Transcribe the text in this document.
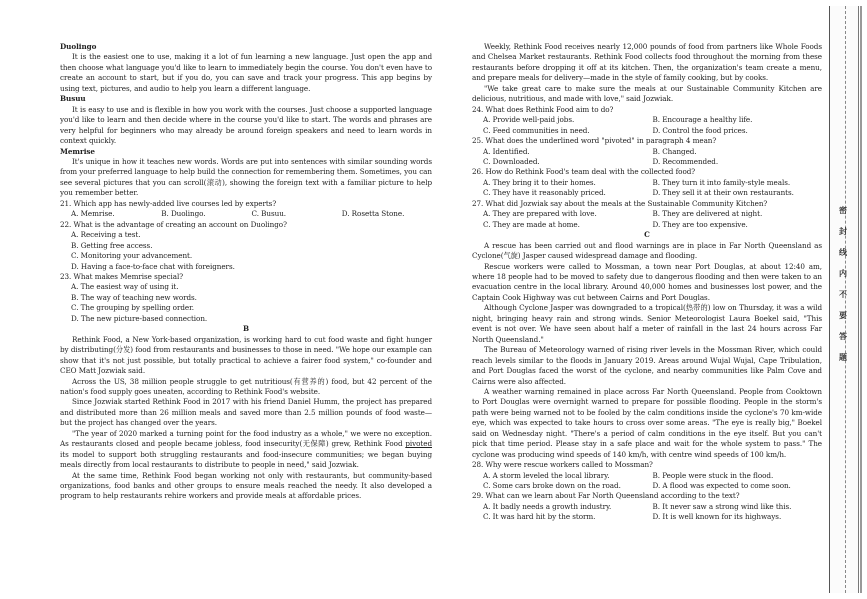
Duolingo

It is the easiest one to use, making it a lot of fun learning a new language. Just open the app and then choose what language you'd like to learn to immediately begin the course. You don't even have to create an account to start, but if you do, you can save and track your progress. This app begins by using text, pictures, and audio to help you learn a different language.

Busuu

It is easy to use and is flexible in how you work with the courses. Just choose a supported language you'd like to learn and then decide where in the course you'd like to start. The words and phrases are very helpful for beginners who may already be around foreign speakers and need to learn words in context quickly.

Memrise

It's unique in how it teaches new words. Words are put into sentences with similar sounding words from your preferred language to help build the connection for remembering them. Sometimes, you can see several pictures that you can scroll(滚动), showing the foreign text with a familiar picture to help you remember better.

21. Which app has newly-added live courses led by experts?

A. Memrise.	B. Duolingo.	C. Busuu.	D. Rosetta Stone.

22. What is the advantage of creating an account on Duolingo?

A. Receiving a test.

B. Getting free access.

C. Monitoring your advancement.

D. Having a face-to-face chat with foreigners.

23. What makes Memrise special?

A. The easiest way of using it.

B. The way of teaching new words.

C. The grouping by spelling order.

D. The new picture-based connection.

B

Rethink Food, a New York-based organization, is working hard to cut food waste and fight hunger by distributing(分发) food from restaurants and businesses to those in need. "We hope our example can show that it's not just possible, but totally practical to achieve a fairer food system," co-founder and CEO Matt Jozwiak said.

Across the US, 38 million people struggle to get nutritious(有营养的) food, but 42 percent of the nation's food supply goes uneaten, according to Rethink Food's website.

Since Jozwiak started Rethink Food in 2017 with his friend Daniel Humm, the project has prepared and distributed more than 26 million meals and saved more than 2.5 million pounds of food waste—but the project has changed over the years.

"The year of 2020 marked a turning point for the food industry as a whole," we were no exception. As restaurants closed and people became jobless, food insecurity(无保障) grew, Rethink Food pivoted its model to support both struggling restaurants and food-insecure communities; we began buying meals directly from local restaurants to distribute to people in need," said Jozwiak.

At the same time, Rethink Food began working not only with restaurants, but community-based organizations, food banks and other groups to ensure meals reached the needy. It also developed a program to help restaurants rehire workers and provide meals at affordable prices.

Weekly, Rethink Food receives nearly 12,000 pounds of food from partners like Whole Foods and Chelsea Market restaurants. Rethink Food collects food throughout the morning from these restaurants before dropping it off at its kitchen. Then, the organization's team create a menu, and prepare meals for delivery—made in the style of family cooking, but by cooks.

"We take great care to make sure the meals at our Sustainable Community Kitchen are delicious, nutritious, and made with love," said Jozwiak.

24. What does Rethink Food aim to do?

A. Provide well-paid jobs.	B. Encourage a healthy life.
C. Feed communities in need.	D. Control the food prices.

25. What does the underlined word "pivoted" in paragraph 4 mean?

A. Identified.	B. Changed.
C. Downloaded.	D. Recommended.

26. How do Rethink Food's team deal with the collected food?

A. They bring it to their homes.	B. They turn it into family-style meals.
C. They have it reasonably priced.	D. They sell it at their own restaurants.

27. What did Jozwiak say about the meals at the Sustainable Community Kitchen?

A. They are prepared with love.	B. They are delivered at night.
C. They are made at home.	D. They are too expensive.

C

A rescue has been carried out and flood warnings are in place in Far North Queensland as Cyclone(气旋) Jasper caused widespread damage and flooding.

Rescue workers were called to Mossman, a town near Port Douglas, at about 12:40 am, where 18 people had to be moved to safety due to dangerous flooding and then were taken to an evacuation centre in the local library. Around 40,000 homes and businesses lost power, and the Captain Cook Highway was cut between Cairns and Port Douglas.

Although Cyclone Jasper was downgraded to a tropical(热带的) low on Thursday, it was a wild night, bringing heavy rain and strong winds. Senior Meteorologist Laura Boekel said, "This event is not over. We have seen about half a meter of rainfall in the last 24 hours across Far North Queensland."

The Bureau of Meteorology warned of rising river levels in the Mossman River, which could reach levels similar to the floods in January 2019. Areas around Wujal Wujal, Cape Tribulation, and Port Douglas faced the worst of the cyclone, and nearby communities like Palm Cove and Cairns were also affected.

A weather warning remained in place across Far North Queensland. People from Cooktown to Port Douglas were overnight warned to prepare for possible flooding. People in the storm's path were being warned not to be fooled by the calm conditions inside the cyclone's 70 km-wide eye, which was expected to take hours to cross over some areas. "The eye is really big," Boekel said on Wednesday night. "There's a period of calm conditions in the eye itself. But you can't pick that time period. Please stay in a safe place and wait for the whole system to pass." The cyclone was producing wind speeds of 140 km/h, with centre wind speeds of 100 km/h.

28. Why were rescue workers called to Mossman?

A. A storm leveled the local library.	B. People were stuck in the flood.
C. Some cars broke down on the road.	D. A flood was expected to come soon.

29. What can we learn about Far North Queensland according to the text?

A. It badly needs a growth industry.	B. It never saw a strong wind like this.
C. It was hard hit by the storm.	D. It is well known for its highways.
密
封
线
内
不
要
答
题
